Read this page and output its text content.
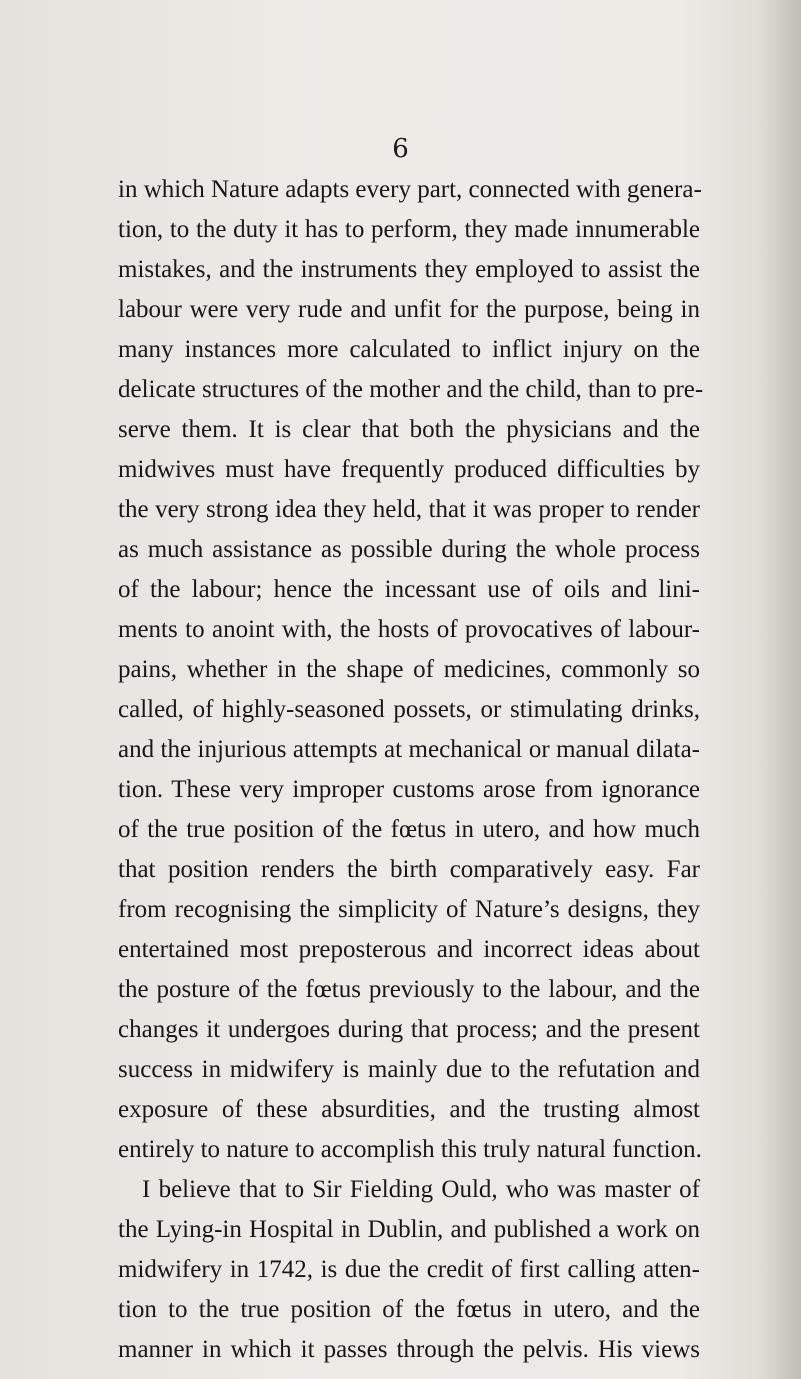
6
in which Nature adapts every part, connected with genera-
tion, to the duty it has to perform, they made innumerable
mistakes, and the instruments they employed to assist the
labour were very rude and unfit for the purpose, being in
many instances more calculated to inflict injury on the
delicate structures of the mother and the child, than to pre-
serve them. It is clear that both the physicians and the
midwives must have frequently produced difficulties by
the very strong idea they held, that it was proper to render
as much assistance as possible during the whole process
of the labour; hence the incessant use of oils and lini-
ments to anoint with, the hosts of provocatives of labour-
pains, whether in the shape of medicines, commonly so
called, of highly-seasoned possets, or stimulating drinks,
and the injurious attempts at mechanical or manual dilata-
tion. These very improper customs arose from ignorance
of the true position of the fœtus in utero, and how much
that position renders the birth comparatively easy. Far
from recognising the simplicity of Nature’s designs, they
entertained most preposterous and incorrect ideas about
the posture of the fœtus previously to the labour, and the
changes it undergoes during that process; and the present
success in midwifery is mainly due to the refutation and
exposure of these absurdities, and the trusting almost
entirely to nature to accomplish this truly natural function.
I believe that to Sir Fielding Ould, who was master of
the Lying-in Hospital in Dublin, and published a work on
midwifery in 1742, is due the credit of first calling atten-
tion to the true position of the fœtus in utero, and the
manner in which it passes through the pelvis. His views
